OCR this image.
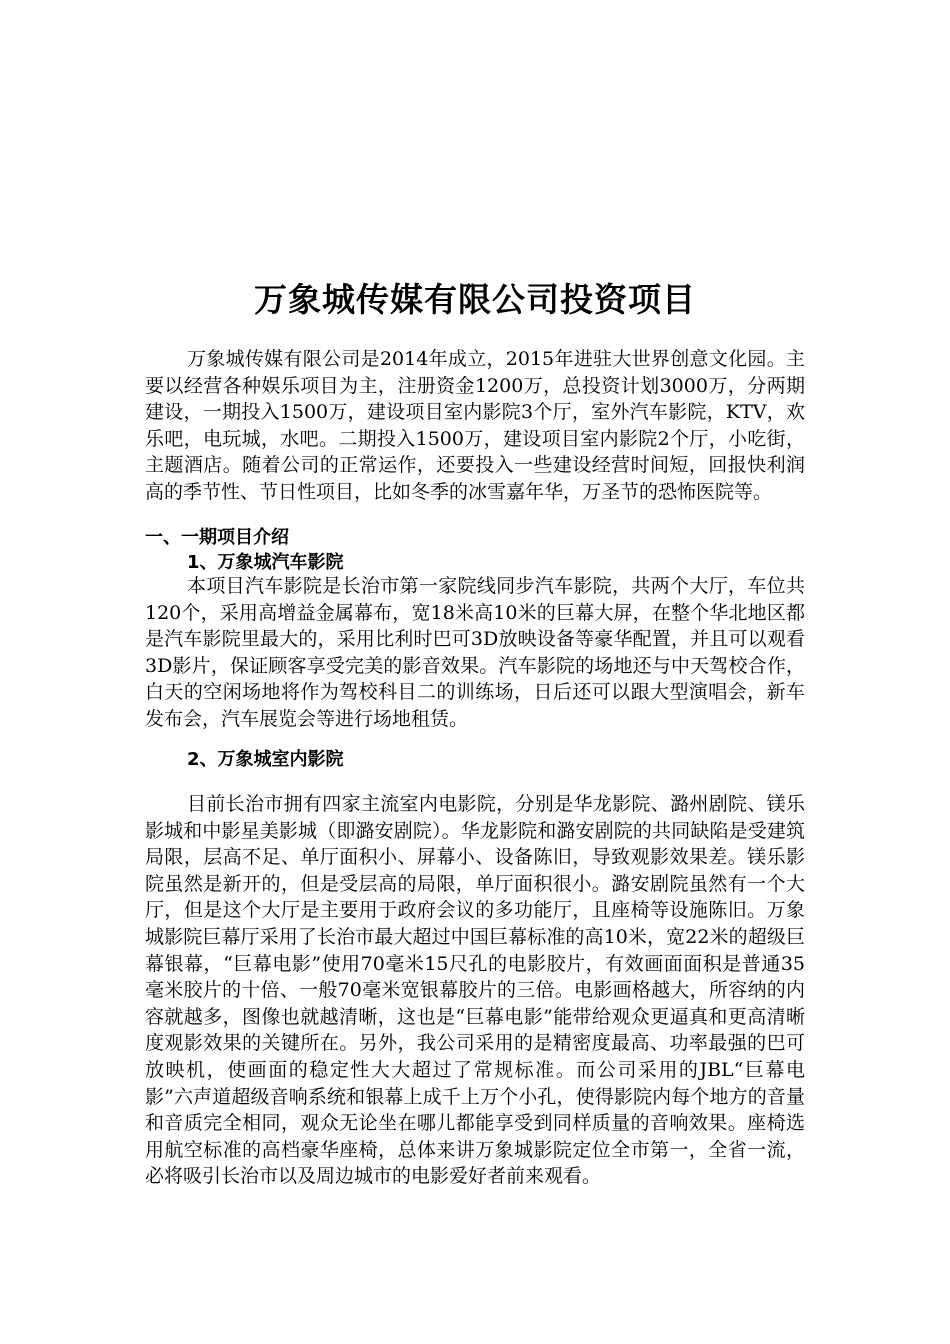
万象城传媒有限公司投资项目

万象城传媒有限公司是2014年成立，2015年进驻大世界创意文化园。主要以经营各种娱乐项目为主，注册资金1200万，总投资计划3000万，分两期建设，一期投入1500万，建设项目室内影院3个厅，室外汽车影院，KTV，欢乐吧，电玩城，水吧。二期投入1500万，建设项目室内影院2个厅，小吃街，主题酒店。随着公司的正常运作，还要投入一些建设经营时间短，回报快利润高的季节性、节日性项目，比如冬季的冰雪嘉年华，万圣节的恐怖医院等。

一、一期项目介绍

1、万象城汽车影院

本项目汽车影院是长治市第一家院线同步汽车影院，共两个大厅，车位共120个，采用高增益金属幕布，宽18米高10米的巨幕大屏，在整个华北地区都是汽车影院里最大的，采用比利时巴可3D放映设备等豪华配置，并且可以观看3D影片，保证顾客享受完美的影音效果。汽车影院的场地还与中天驾校合作，白天的空闲场地将作为驾校科目二的训练场，日后还可以跟大型演唱会，新车发布会，汽车展览会等进行场地租赁。

2、万象城室内影院

目前长治市拥有四家主流室内电影院，分别是华龙影院、潞州剧院、镁乐影城和中影星美影城（即潞安剧院）。华龙影院和潞安剧院的共同缺陷是受建筑局限，层高不足、单厅面积小、屏幕小、设备陈旧，导致观影效果差。镁乐影院虽然是新开的，但是受层高的局限，单厅面积很小。潞安剧院虽然有一个大厅，但是这个大厅是主要用于政府会议的多功能厅，且座椅等设施陈旧。万象城影院巨幕厅采用了长治市最大超过中国巨幕标准的高10米，宽22米的超级巨幕银幕，“巨幕电影”使用70毫米15尺孔的电影胶片，有效画面面积是普通35毫米胶片的十倍、一般70毫米宽银幕胶片的三倍。电影画格越大，所容纳的内容就越多，图像也就越清晰，这也是“巨幕电影”能带给观众更逼真和更高清晰度观影效果的关键所在。另外，我公司采用的是精密度最高、功率最强的巴可放映机，使画面的稳定性大大超过了常规标准。而公司采用的JBL“巨幕电影”六声道超级音响系统和银幕上成千上万个小孔，使得影院内每个地方的音量和音质完全相同，观众无论坐在哪儿都能享受到同样质量的音响效果。座椅选用航空标准的高档豪华座椅，总体来讲万象城影院定位全市第一，全省一流，必将吸引长治市以及周边城市的电影爱好者前来观看。
